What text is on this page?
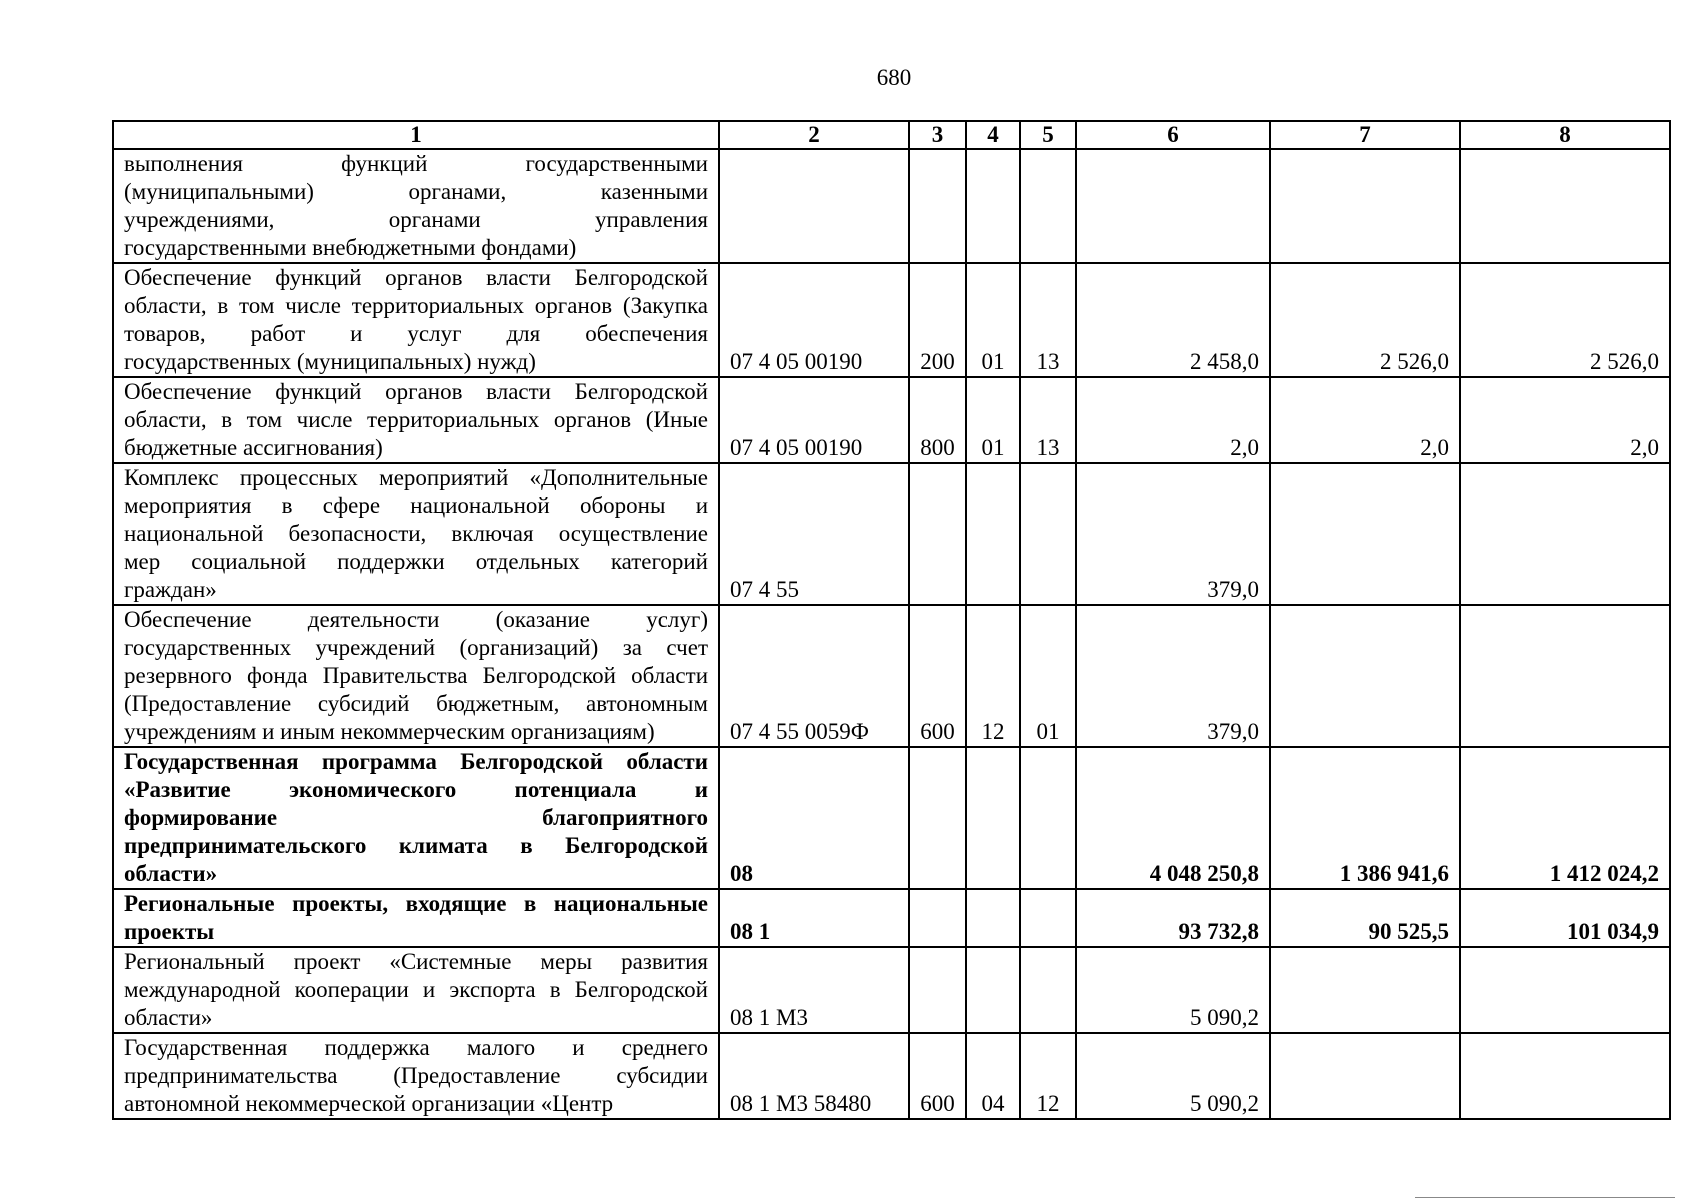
680
1	2	3	4	5	6	7	8

выполнения функций государственными
(муниципальными) органами, казенными
учреждениями, органами управления
государственными внебюджетными фондами)							

Обеспечение функций органов власти Белгородской
области, в том числе территориальных органов (Закупка
товаров, работ и услуг для обеспечения
государственных (муниципальных) нужд)	07 4 05 00190	200	01	13	2 458,0	2 526,0	2 526,0

Обеспечение функций органов власти Белгородской
области, в том числе территориальных органов (Иные
бюджетные ассигнования)	07 4 05 00190	800	01	13	2,0	2,0	2,0

Комплекс процессных мероприятий «Дополнительные
мероприятия в сфере национальной обороны и
национальной безопасности, включая осуществление
мер социальной поддержки отдельных категорий
граждан»	07 4 55				379,0		

Обеспечение деятельности (оказание услуг)
государственных учреждений (организаций) за счет
резервного фонда Правительства Белгородской области
(Предоставление субсидий бюджетным, автономным
учреждениям и иным некоммерческим организациям)	07 4 55 0059Ф	600	12	01	379,0		

Государственная программа Белгородской области
«Развитие экономического потенциала и
формирование благоприятного
предпринимательского климата в Белгородской
области»	08				4 048 250,8	1 386 941,6	1 412 024,2

Региональные проекты, входящие в национальные
проекты	08 1				93 732,8	90 525,5	101 034,9

Региональный проект «Системные меры развития
международной кооперации и экспорта в Белгородской
области»	08 1 М3				5 090,2		

Государственная поддержка малого и среднего
предпринимательства (Предоставление субсидии
автономной некоммерческой организации «Центр	08 1 М3 58480	600	04	12	5 090,2		
